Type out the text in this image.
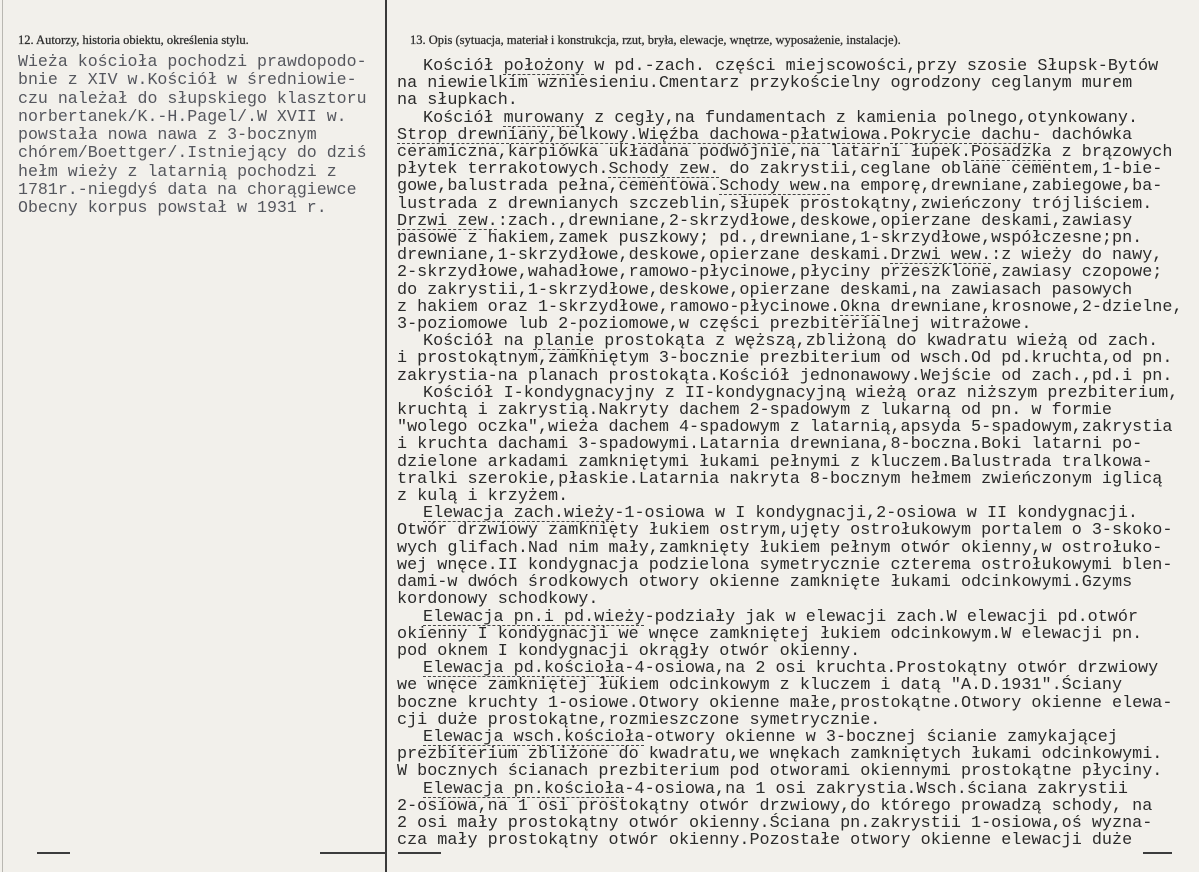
12. Autorzy, historia obiektu, określenia stylu.	13. Opis (sytuacja, materiał i konstrukcja, rzut, bryła, elewacje, wnętrze, wyposażenie, instalacje).
Wieża kościoła pochodzi prawdopodo-
bnie z XIV w.Kościół w średniowie-
czu należał do słupskiego klasztoru
norbertanek/K.-H.Pagel/.W XVII w.
powstała nowa nawa z 3-bocznym
chórem/Boettger/.Istniejący do dziś
hełm wieży z latarnią pochodzi z
1781r.-niegdyś data na chorągiewce
Obecny korpus powstał w 1931 r.
Kościół położony w pd.-zach. części miejscowości,przy szosie Słupsk-Bytów
na niewielkim wzniesieniu.Cmentarz przykościelny ogrodzony ceglanym murem
na słupkach.
Kościół murowany z cegły,na fundamentach z kamienia polnego,otynkowany.
Strop drewniany,belkowy.Więźba dachowa-płatwiowa.Pokrycie dachu- dachówka
ceramiczna,karpiówka układana podwójnie,na latarni łupek.Posadzka z brązowych
płytek terrakotowych.Schody zew. do zakrystii,ceglane oblane cementem,1-bie-
gowe,balustrada pełna,cementowa.Schody wew.na emporę,drewniane,zabiegowe,ba-
lustrada z drewnianych szczeblin,słupek prostokątny,zwieńczony trójliściem.
Drzwi zew.:zach.,drewniane,2-skrzydłowe,deskowe,opierzane deskami,zawiasy
pasowe z hakiem,zamek puszkowy; pd.,drewniane,1-skrzydłowe,współczesne;pn.
drewniane,1-skrzydłowe,deskowe,opierzane deskami.Drzwi wew.:z wieży do nawy,
2-skrzydłowe,wahadłowe,ramowo-płycinowe,płyciny przeszklone,zawiasy czopowe;
do zakrystii,1-skrzydłowe,deskowe,opierzane deskami,na zawiasach pasowych
z hakiem oraz 1-skrzydłowe,ramowo-płycinowe.Okna drewniane,krosnowe,2-dzielne,
3-poziomowe lub 2-poziomowe,w części prezbiterialnej witrażowe.
Kościół na planie prostokąta z węższą,zbliżoną do kwadratu wieżą od zach.
i prostokątnym,zamkniętym 3-bocznie prezbiterium od wsch.Od pd.kruchta,od pn.
zakrystia-na planach prostokąta.Kościół jednonawowy.Wejście od zach.,pd.i pn.
Kościół I-kondygnacyjny z II-kondygnacyjną wieżą oraz niższym prezbiterium,
kruchtą i zakrystią.Nakryty dachem 2-spadowym z lukarną od pn. w formie
"wolego oczka",wieża dachem 4-spadowym z latarnią,apsyda 5-spadowym,zakrystia
i kruchta dachami 3-spadowymi.Latarnia drewniana,8-boczna.Boki latarni po-
dzielone arkadami zamkniętymi łukami pełnymi z kluczem.Balustrada tralkowa-
tralki szerokie,płaskie.Latarnia nakryta 8-bocznym hełmem zwieńczonym iglicą
z kulą i krzyżem.
Elewacja zach.wieży-1-osiowa w I kondygnacji,2-osiowa w II kondygnacji.
Otwór drzwiowy zamknięty łukiem ostrym,ujęty ostrołukowym portalem o 3-skoko-
wych glifach.Nad nim mały,zamknięty łukiem pełnym otwór okienny,w ostrołuko-
wej wnęce.II kondygnacja podzielona symetrycznie czterema ostrołukowymi blen-
dami-w dwóch środkowych otwory okienne zamknięte łukami odcinkowymi.Gzyms
kordonowy schodkowy.
Elewacja pn.i pd.wieży-podziały jak w elewacji zach.W elewacji pd.otwór
okienny I kondygnacji we wnęce zamkniętej łukiem odcinkowym.W elewacji pn.
pod oknem I kondygnacji okrągły otwór okienny.
Elewacja pd.kościoła-4-osiowa,na 2 osi kruchta.Prostokątny otwór drzwiowy
we wnęce zamkniętej łukiem odcinkowym z kluczem i datą "A.D.1931".Ściany
boczne kruchty 1-osiowe.Otwory okienne małe,prostokątne.Otwory okienne elewa-
cji duże prostokątne,rozmieszczone symetrycznie.
Elewacja wsch.kościoła-otwory okienne w 3-bocznej ścianie zamykającej
prezbiterium zbliżone do kwadratu,we wnękach zamkniętych łukami odcinkowymi.
W bocznych ścianach prezbiterium pod otworami okiennymi prostokątne płyciny.
Elewacja pn.kościoła-4-osiowa,na 1 osi zakrystia.Wsch.ściana zakrystii
2-osiowa,na 1 osi prostokątny otwór drzwiowy,do którego prowadzą schody, na
2 osi mały prostokątny otwór okienny.Ściana pn.zakrystii 1-osiowa,oś wyzna-
cza mały prostokątny otwór okienny.Pozostałe otwory okienne elewacji duże
